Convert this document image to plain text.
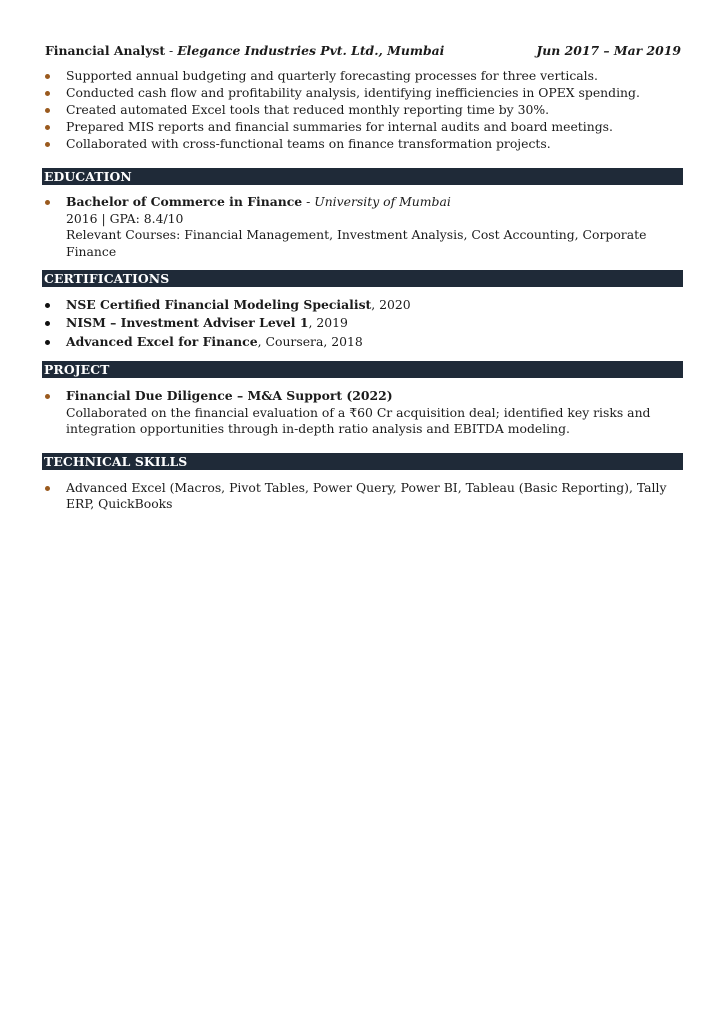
Financial Analyst - Elegance Industries Pvt. Ltd., Mumbai	Jun 2017 – Mar 2019
Supported annual budgeting and quarterly forecasting processes for three verticals.
Conducted cash flow and profitability analysis, identifying inefficiencies in OPEX spending.
Created automated Excel tools that reduced monthly reporting time by 30%.
Prepared MIS reports and financial summaries for internal audits and board meetings.
Collaborated with cross-functional teams on finance transformation projects.
EDUCATION
Bachelor of Commerce in Finance - University of Mumbai
2016 | GPA: 8.4/10
Relevant Courses: Financial Management, Investment Analysis, Cost Accounting, Corporate Finance
CERTIFICATIONS
NSE Certified Financial Modeling Specialist, 2020
NISM – Investment Adviser Level 1, 2019
Advanced Excel for Finance, Coursera, 2018
PROJECT
Financial Due Diligence – M&A Support (2022)
Collaborated on the financial evaluation of a ₹60 Cr acquisition deal; identified key risks and integration opportunities through in-depth ratio analysis and EBITDA modeling.
TECHNICAL SKILLS
Advanced Excel (Macros, Pivot Tables, Power Query, Power BI, Tableau (Basic Reporting), Tally ERP, QuickBooks
